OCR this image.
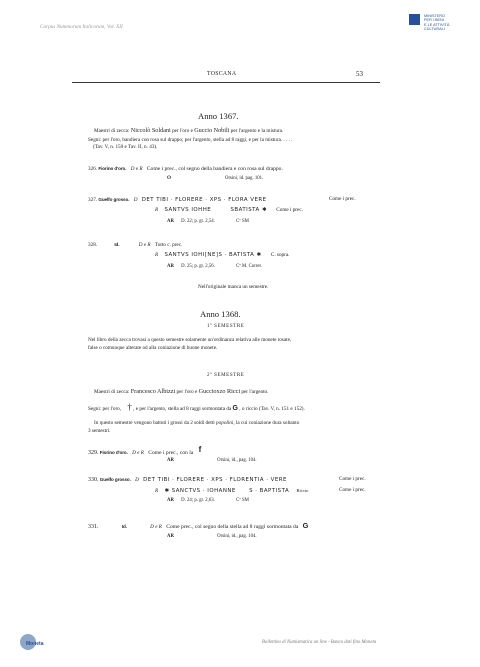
Corpus Nummorum Italicorum, Vol. XII
MINISTERO
PER I BENI
E LE ATTIVITÀ
CULTURALI
TOSCANA	53
Anno 1367.
Maestri di zecca: Niccolò Soldani per l'oro e Guccio Nobili per l'argento e la mistura.
Segni: per l'oro, bandiera con rosa sul drappo; per l'argento, stella ad 8 raggi, e per la mistura. . . . .
(Tav. V, n. 150 e Tav. II, n. 43).
326. Fiorino d'oro. D e R Come i prec., col segno della bandiera e con rosa sul drappo.
O	Orsini, id. pag. 101.
327. Guelfo grosso. D DET TIBI · FLORERE · XPS · FLORA VERE	Come i prec.
R SANTVS IOHHE	SBATISTA ✱ Come i prec.
AR D. 22; p. gr. 2,54.	Cº SM
328.	Id.	D e R Tutto c. prec.
R SANTVS IOHI[NE]S · BATISTA ✱ C. sopra.
AR D. 25; p. gr. 2,56.	Cº M. Correr.
Nell'originale manca un semestre.
Anno 1368.
1º SEMESTRE
Nel libro della zecca trovasi a questo semestre solamente un'ordinanza relativa alle monete tosate,
false o comunque alterate od alla coniazione di buone monete.
2º SEMESTRE
Maestri di zecca: Francesco Albizzi per l'oro e Guccioxzo Ricci per l'argento.
Segni: per l'oro, † , e per l'argento, stella ad 8 raggi sormontata da G , o riccio (Tav. V, n. 151 e 152).
In questo semestre vengono battuti i grossi da 2 soldi detti popolini, la cui coniazione dura soltanto
3 semestri.
329. Fiorino d'oro. D e R Come i prec., con la f
AR	Orsini, id., pag. 104.
330. Guelfo grosso. D DET TIBI · FLORERE · XPS · FLORENTIA · VERE	Come i prec.
R ✱ SANCTVS · IOHANNE S · BAPTISTA Riccio	Come i prec.
AR D. 24; p. gr. 2,63.	Cº SM
331.	Id.	D e R Come prec., col segno della stella ad 8 raggi sormontata da G
AR	Orsini, id., pag. 104.
Moneta	Bollettino di Numismatica on line - Banca dati fino Moneta
